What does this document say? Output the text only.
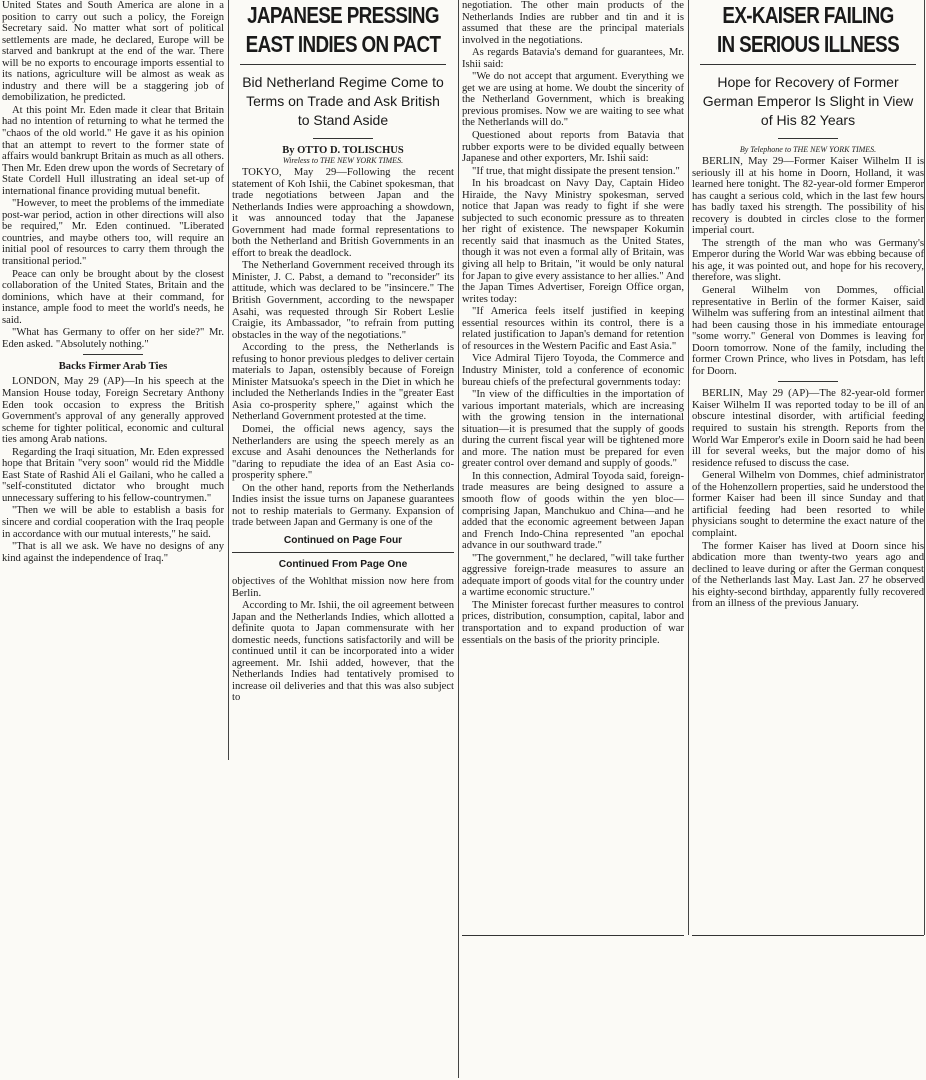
United States and South America are alone in a position to carry out such a policy, the Foreign Secretary said. No matter what sort of political settlements are made, he declared, Europe will be starved and bankrupt at the end of the war. There will be no exports to encourage imports essential to its nations, agriculture will be almost as weak as industry and there will be a staggering job of demobilization, he predicted.

At this point Mr. Eden made it clear that Britain had no intention of returning to what he termed the "chaos of the old world." He gave it as his opinion that an attempt to revert to the former state of affairs would bankrupt Britain as much as all others. Then Mr. Eden drew upon the words of Secretary of State Cordell Hull illustrating an ideal set-up of international finance providing mutual benefit.

"However, to meet the problems of the immediate post-war period, action in other directions will also be required," Mr. Eden continued. "Liberated countries, and maybe others too, will require an initial pool of resources to carry them through the transitional period."

Peace can only be brought about by the closest collaboration of the United States, Britain and the dominions, which have at their command, for instance, ample food to meet the world's needs, he said.

"What has Germany to offer on her side?" Mr. Eden asked. "Absolutely nothing."

Backs Firmer Arab Ties

LONDON, May 29 (AP)—In his speech at the Mansion House today, Foreign Secretary Anthony Eden took occasion to express the British Government's approval of any generally approved scheme for tighter political, economic and cultural ties among Arab nations.

Regarding the Iraqi situation, Mr. Eden expressed hope that Britain "very soon" would rid the Middle East State of Rashid Ali el Gailani, who he called a "self-constituted dictator who brought much unnecessary suffering to his fellow-countrymen."

"Then we will be able to establish a basis for sincere and cordial cooperation with the Iraq people in accordance with our mutual interests," he said.

"That is all we ask. We have no designs of any kind against the independence of Iraq."

JAPANESE PRESSING
EAST INDIES ON PACT
Bid Netherland Regime Come to Terms on Trade and Ask British to Stand Aside
By OTTO D. TOLISCHUS
Wireless to THE NEW YORK TIMES.

TOKYO, May 29—Following the recent statement of Koh Ishii, the Cabinet spokesman, that trade negotiations between Japan and the Netherlands Indies were approaching a showdown, it was announced today that the Japanese Government had made formal representations to both the Netherland and British Governments in an effort to break the deadlock.

The Netherland Government received through its Minister, J. C. Pabst, a demand to "reconsider" its attitude, which was declared to be "insincere." The British Government, according to the newspaper Asahi, was requested through Sir Robert Leslie Craigie, its Ambassador, "to refrain from putting obstacles in the way of the negotiations."

According to the press, the Netherlands is refusing to honor previous pledges to deliver certain materials to Japan, ostensibly because of Foreign Minister Matsuoka's speech in the Diet in which he included the Netherlands Indies in the "greater East Asia co-prosperity sphere," against which the Netherland Government protested at the time.

Domei, the official news agency, says the Netherlanders are using the speech merely as an excuse and Asahi denounces the Netherlands for "daring to repudiate the idea of an East Asia co-prosperity sphere."

On the other hand, reports from the Netherlands Indies insist the issue turns on Japanese guarantees not to reship materials to Germany. Expansion of trade between Japan and Germany is one of the

Continued on Page Four
Continued From Page One

objectives of the Wohlthat mission now here from Berlin.

According to Mr. Ishii, the oil agreement between Japan and the Netherlands Indies, which allotted a definite quota to Japan commensurate with her domestic needs, functions satisfactorily and will be continued until it can be incorporated into a wider agreement. Mr. Ishii added, however, that the Netherlands Indies had tentatively promised to increase oil deliveries and that this was also subject to

negotiation. The other main products of the Netherlands Indies are rubber and tin and it is assumed that these are the principal materials involved in the negotiations.

As regards Batavia's demand for guarantees, Mr. Ishii said:

"We do not accept that argument. Everything we get we are using at home. We doubt the sincerity of the Netherland Government, which is breaking previous promises. Now we are waiting to see what the Netherlands will do."

Questioned about reports from Batavia that rubber exports were to be divided equally between Japanese and other exporters, Mr. Ishii said:

"If true, that might dissipate the present tension."

In his broadcast on Navy Day, Captain Hideo Hiraide, the Navy Ministry spokesman, served notice that Japan was ready to fight if she were subjected to such economic pressure as to threaten her right of existence. The newspaper Kokumin recently said that inasmuch as the United States, though it was not even a formal ally of Britain, was giving all help to Britain, "it would be only natural for Japan to give every assistance to her allies." And the Japan Times Advertiser, Foreign Office organ, writes today:

"If America feels itself justified in keeping essential resources within its control, there is a related justification to Japan's demand for retention of resources in the Western Pacific and East Asia."

Vice Admiral Tijero Toyoda, the Commerce and Industry Minister, told a conference of economic bureau chiefs of the prefectural governments today:

"In view of the difficulties in the importation of various important materials, which are increasing with the growing tension in the international situation—it is presumed that the supply of goods during the current fiscal year will be tightened more and more. The nation must be prepared for even greater control over demand and supply of goods."

In this connection, Admiral Toyoda said, foreign-trade measures are being designed to assure a smooth flow of goods within the yen bloc—comprising Japan, Manchukuo and China—and he added that the economic agreement between Japan and French Indo-China represented "an epochal advance in our southward trade."

"The government," he declared, "will take further aggressive foreign-trade measures to assure an adequate import of goods vital for the country under a wartime economic structure."

The Minister forecast further measures to control prices, distribution, consumption, capital, labor and transportation and to expand production of war essentials on the basis of the priority principle.

EX-KAISER FAILING
IN SERIOUS ILLNESS
Hope for Recovery of Former German Emperor Is Slight in View of His 82 Years
By Telephone to THE NEW YORK TIMES.

BERLIN, May 29—Former Kaiser Wilhelm II is seriously ill at his home in Doorn, Holland, it was learned here tonight. The 82-year-old former Emperor has caught a serious cold, which in the last few hours has badly taxed his strength. The possibility of his recovery is doubted in circles close to the former imperial court.

The strength of the man who was Germany's Emperor during the World War was ebbing because of his age, it was pointed out, and hope for his recovery, therefore, was slight.

General Wilhelm von Dommes, official representative in Berlin of the former Kaiser, said Wilhelm was suffering from an intestinal ailment that had been causing those in his immediate entourage "some worry." General von Dommes is leaving for Doorn tomorrow. None of the family, including the former Crown Prince, who lives in Potsdam, has left for Doorn.

BERLIN, May 29 (AP)—The 82-year-old former Kaiser Wilhelm II was reported today to be ill of an obscure intestinal disorder, with artificial feeding required to sustain his strength. Reports from the World War Emperor's exile in Doorn said he had been ill for several weeks, but the major domo of his residence refused to discuss the case.

General Wilhelm von Dommes, chief administrator of the Hohenzollern properties, said he understood the former Kaiser had been ill since Sunday and that artificial feeding had been resorted to while physicians sought to determine the exact nature of the complaint.

The former Kaiser has lived at Doorn since his abdication more than twenty-two years ago and declined to leave during or after the German conquest of the Netherlands last May. Last Jan. 27 he observed his eighty-second birthday, apparently fully recovered from an illness of the previous January.
